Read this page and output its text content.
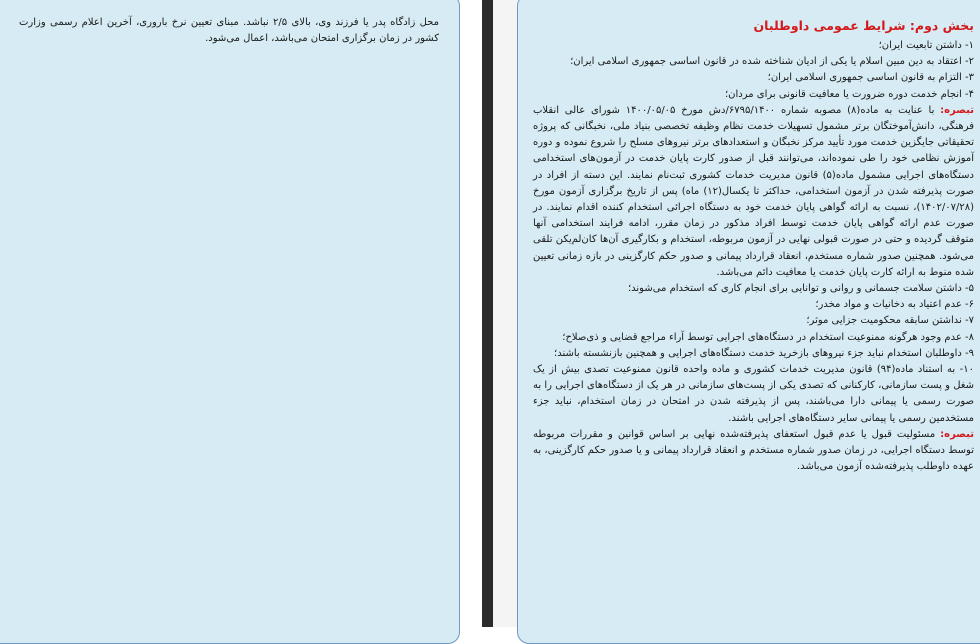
محل زادگاه پدر یا فرزند وی، بالای ۲/۵ نباشد. مبنای تعیین نرخ باروری، آخرین اعلام رسمی وزارت کشور در زمان برگزاری امتحان می‌باشد، اعمال می‌شود.
بخش دوم: شرایط عمومی داوطلبان

۱- داشتن تابعیت ایران؛

۲- اعتقاد به دین مبین اسلام یا یکی از ادیان شناخته شده در قانون اساسی جمهوری اسلامی ایران؛

۳- التزام به قانون اساسی جمهوری اسلامی ایران؛

۴- انجام خدمت دوره ضرورت یا معافیت قانونی برای مردان؛

تبصره: با عنایت به ماده(۸) مصوبه شماره ۶۷۹۵/۱۴۰۰/دش مورخ ۱۴۰۰/۰۵/۰۵ شورای عالی انقلاب فرهنگی، دانش‌آموختگان برتر مشمول تسهیلات خدمت نظام وظیفه تخصصی بنیاد ملی، نخبگانی که پروژه تحقیقاتی جایگزین خدمت مورد تأیید مرکز نخبگان و استعدادهای برتر نیروهای مسلح را شروع نموده و دوره آموزش نظامی خود را طی نموده‌اند، می‌توانند قبل از صدور کارت پایان خدمت در آزمون‌های استخدامی دستگاه‌های اجرایی مشمول ماده(۵) قانون مدیریت خدمات کشوری ثبت‌نام نمایند. این دسته از افراد در صورت پذیرفته شدن در آزمون استخدامی، حداکثر تا یکسال(۱۲) ماه) پس از تاریخ برگزاری آزمون مورخ (۱۴۰۲/۰۷/۲۸)، نسبت به ارائه گواهی پایان خدمت خود به دستگاه اجرائی استخدام کننده اقدام نمایند. در صورت عدم ارائه گواهی پایان خدمت توسط افراد مذکور در زمان مقرر، ادامه فرایند استخدامی آنها متوقف گردیده و حتی در صورت قبولی نهایی در آزمون مربوطه، استخدام و بکارگیری آن‌ها کان‌لم‌یکن تلقی می‌شود. همچنین صدور شماره مستخدم، انعقاد قرارداد پیمانی و صدور حکم کارگزینی در بازه زمانی تعیین شده منوط به ارائه کارت پایان خدمت یا معافیت دائم می‌باشد.

۵- داشتن سلامت جسمانی و روانی و توانایی برای انجام کاری که استخدام می‌شوند؛

۶- عدم اعتیاد به دخانیات و مواد مخدر؛

۷- نداشتن سابقه محکومیت جزایی موثر؛

۸- عدم وجود هرگونه ممنوعیت استخدام در دستگاه‌های اجرایی توسط آراء مراجع قضایی و ذی‌صلاح؛

۹- داوطلبان استخدام نباید جزء نیروهای بازخرید خدمت دستگاه‌های اجرایی و همچنین بازنشسته باشند؛

۱۰- به استناد ماده(۹۴) قانون مدیریت خدمات کشوری و ماده واحده قانون ممنوعیت تصدی بیش از یک شغل و پست سازمانی، کارکنانی که تصدی یکی از پست‌های سازمانی در هر یک از دستگاه‌های اجرایی را به صورت رسمی یا پیمانی دارا می‌باشند، پس از پذیرفته شدن در امتحان در زمان استخدام، نباید جزء مستخدمین رسمی یا پیمانی سایر دستگاه‌های اجرایی باشند.

تبصره: مسئولیت قبول یا عدم قبول استعفای پذیرفته‌شده نهایی بر اساس قوانین و مقررات مربوطه توسط دستگاه اجرایی، در زمان صدور شماره مستخدم و انعقاد قرارداد پیمانی و یا صدور حکم کارگزینی، به عهده داوطلب پذیرفته‌شده آزمون می‌باشد.
